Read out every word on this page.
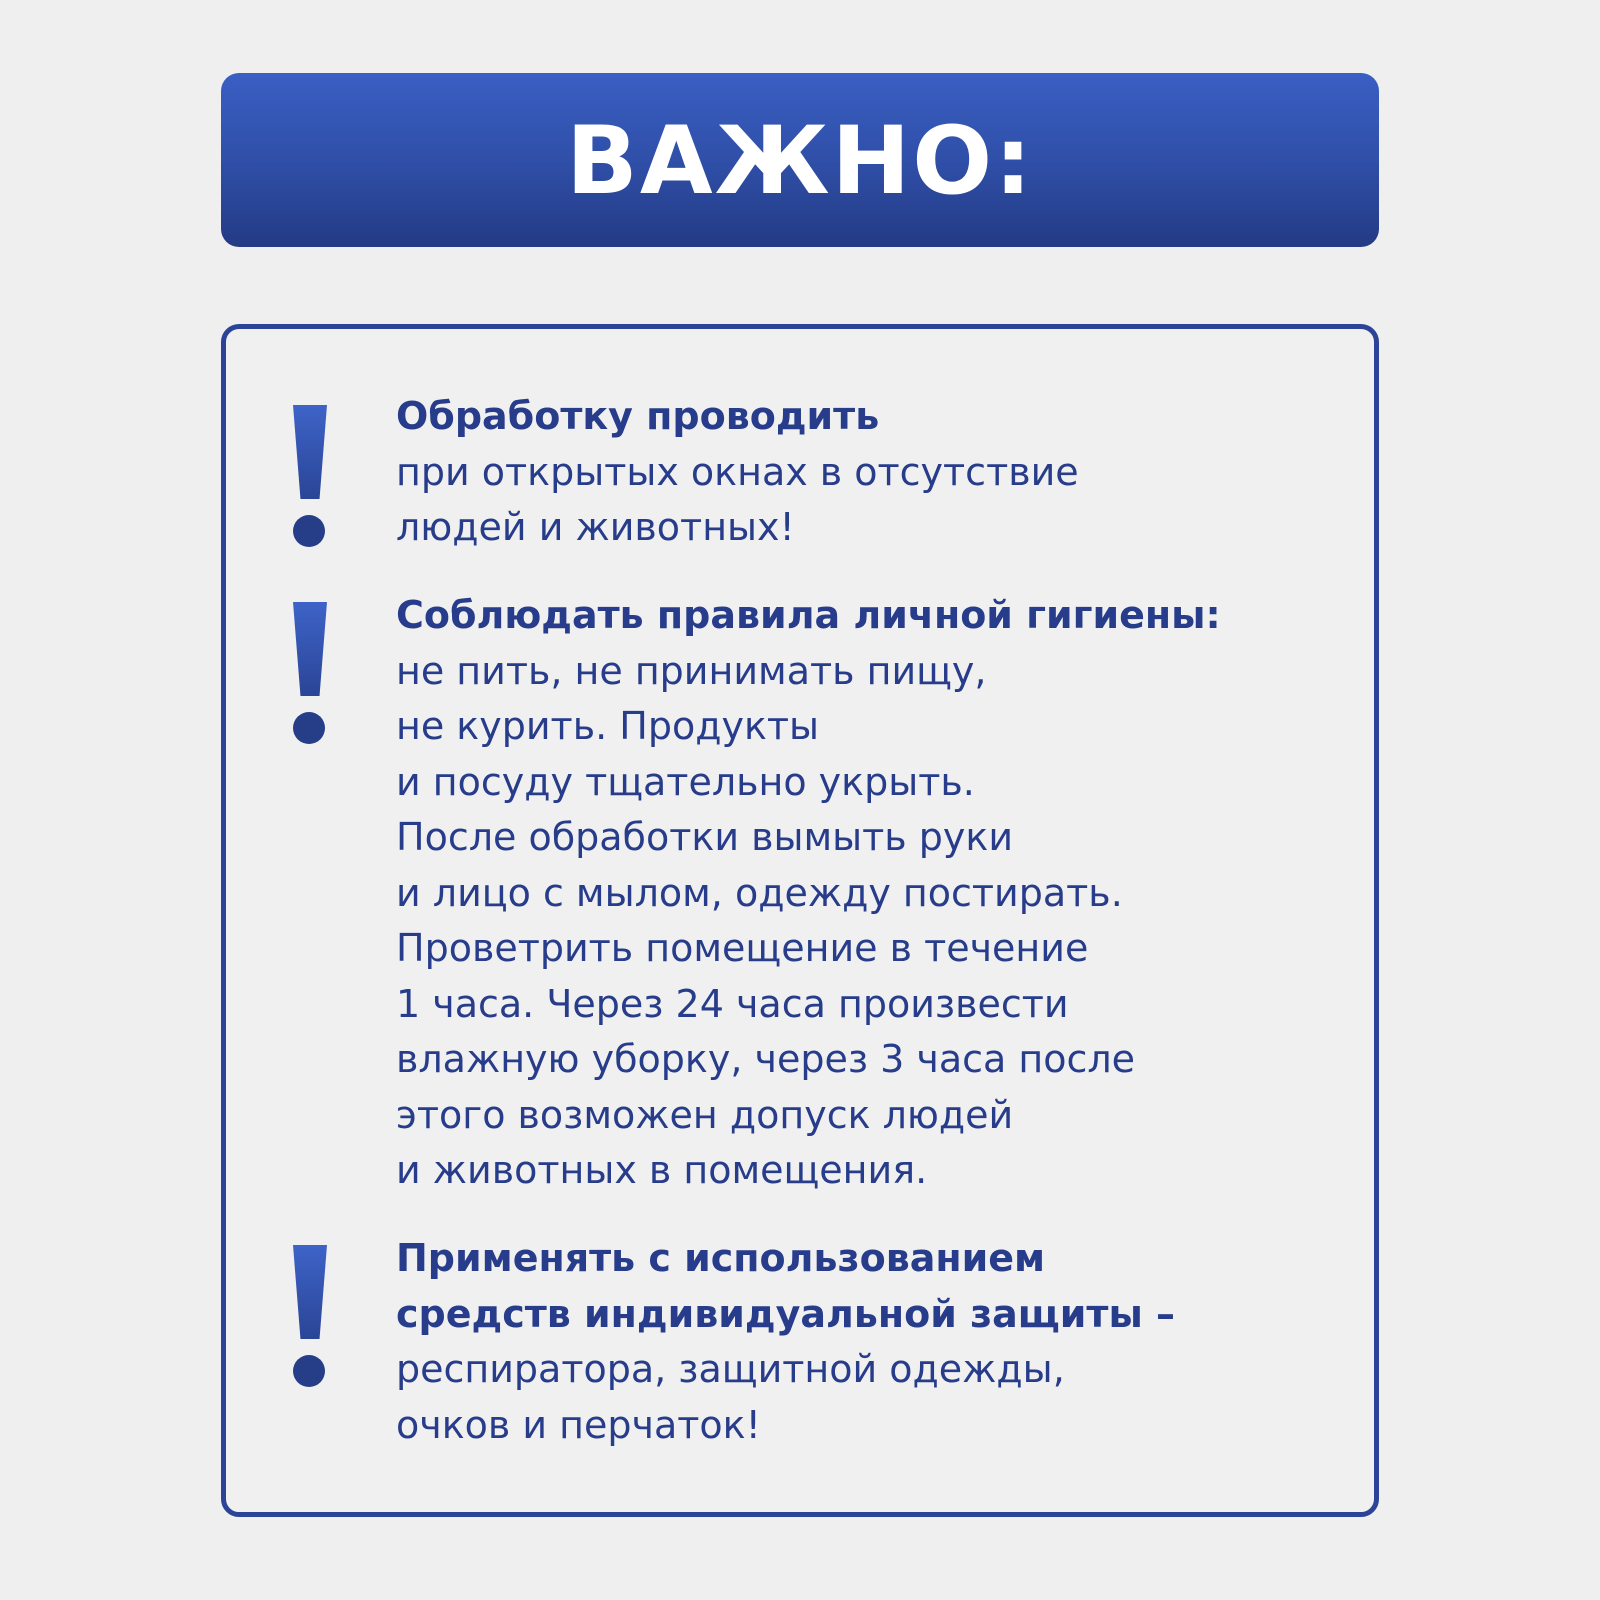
ВАЖНО:
Обработку проводить
при открытых окнах в отсутствие
людей и животных!
Соблюдать правила личной гигиены:
не пить, не принимать пищу,
не курить. Продукты
и посуду тщательно укрыть.
После обработки вымыть руки
и лицо с мылом, одежду постирать.
Проветрить помещение в течение
1 часа. Через 24 часа произвести
влажную уборку, через 3 часа после
этого возможен допуск людей
и животных в помещения.
Применять с использованием
средств индивидуальной защиты –
респиратора, защитной одежды,
очков и перчаток!
